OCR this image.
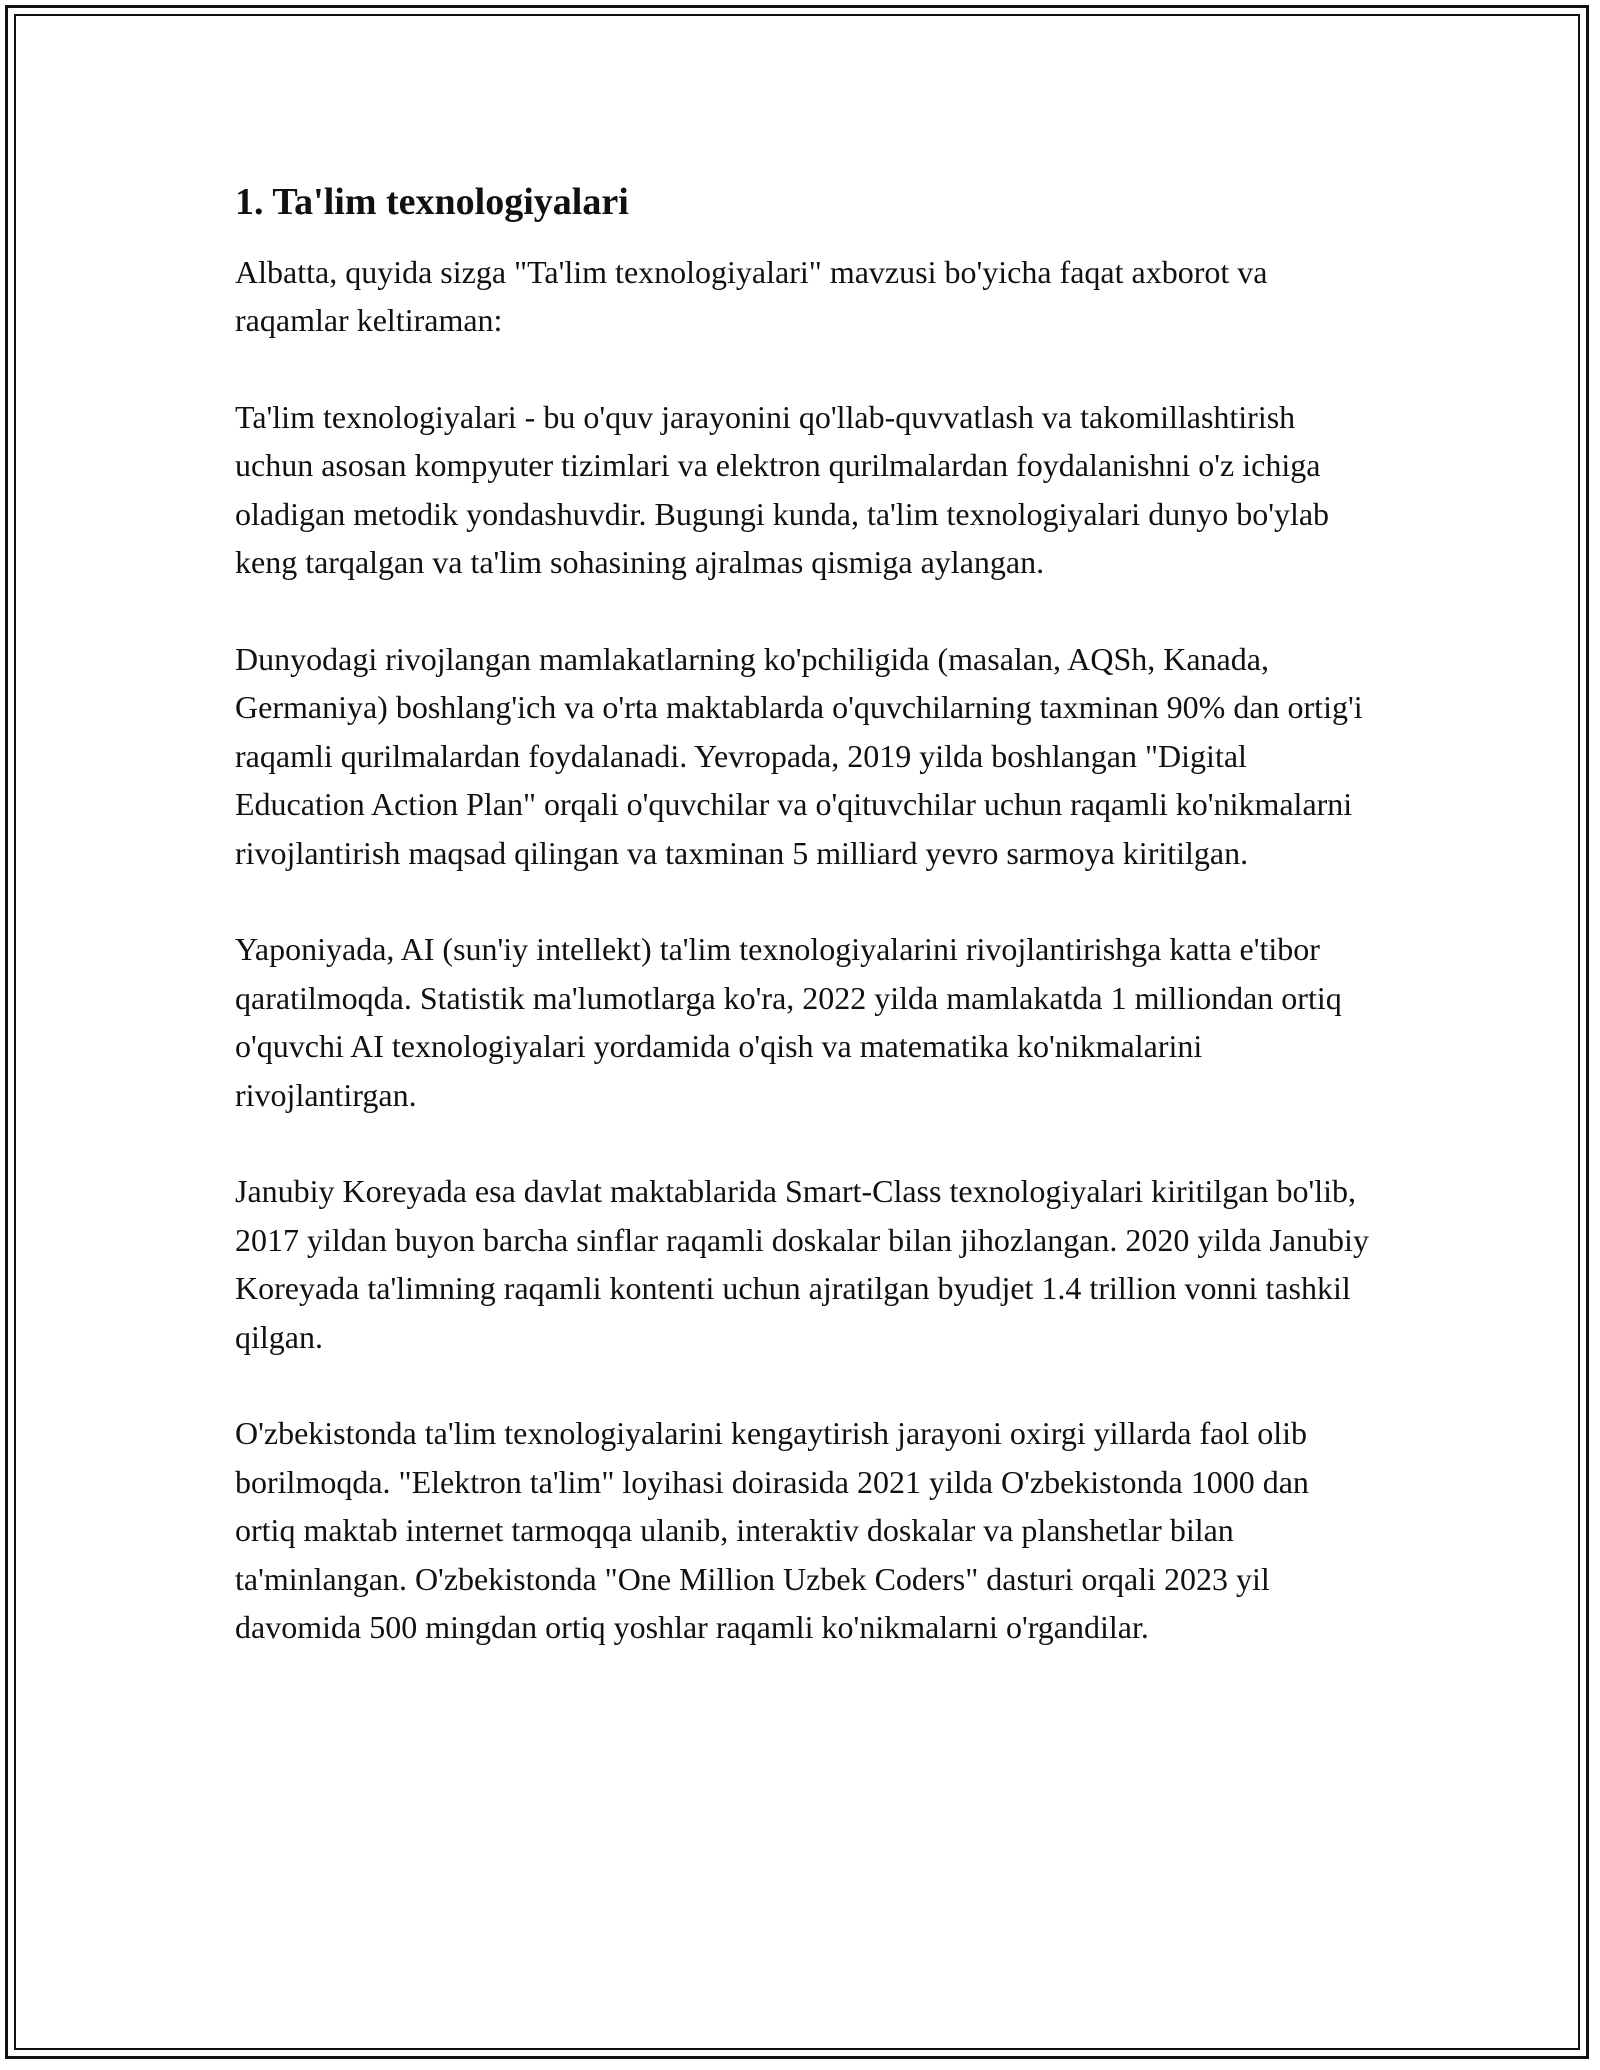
1. Ta'lim texnologiyalari

Albatta, quyida sizga "Ta'lim texnologiyalari" mavzusi bo'yicha faqat axborot va raqamlar keltiraman:

Ta'lim texnologiyalari - bu o'quv jarayonini qo'llab-quvvatlash va takomillashtirish uchun asosan kompyuter tizimlari va elektron qurilmalardan foydalanishni o'z ichiga oladigan metodik yondashuvdir. Bugungi kunda, ta'lim texnologiyalari dunyo bo'ylab keng tarqalgan va ta'lim sohasining ajralmas qismiga aylangan.

Dunyodagi rivojlangan mamlakatlarning ko'pchiligida (masalan, AQSh, Kanada, Germaniya) boshlang'ich va o'rta maktablarda o'quvchilarning taxminan 90% dan ortig'i raqamli qurilmalardan foydalanadi. Yevropada, 2019 yilda boshlangan "Digital Education Action Plan" orqali o'quvchilar va o'qituvchilar uchun raqamli ko'nikmalarni rivojlantirish maqsad qilingan va taxminan 5 milliard yevro sarmoya kiritilgan.

Yaponiyada, AI (sun'iy intellekt) ta'lim texnologiyalarini rivojlantirishga katta e'tibor qaratilmoqda. Statistik ma'lumotlarga ko'ra, 2022 yilda mamlakatda 1 milliondan ortiq o'quvchi AI texnologiyalari yordamida o'qish va matematika ko'nikmalarini rivojlantirgan.

Janubiy Koreyada esa davlat maktablarida Smart-Class texnologiyalari kiritilgan bo'lib, 2017 yildan buyon barcha sinflar raqamli doskalar bilan jihozlangan. 2020 yilda Janubiy Koreyada ta'limning raqamli kontenti uchun ajratilgan byudjet 1.4 trillion vonni tashkil qilgan.

O'zbekistonda ta'lim texnologiyalarini kengaytirish jarayoni oxirgi yillarda faol olib borilmoqda. "Elektron ta'lim" loyihasi doirasida 2021 yilda O'zbekistonda 1000 dan ortiq maktab internet tarmoqqa ulanib, interaktiv doskalar va planshetlar bilan ta'minlangan. O'zbekistonda "One Million Uzbek Coders" dasturi orqali 2023 yil davomida 500 mingdan ortiq yoshlar raqamli ko'nikmalarni o'rgandilar.
